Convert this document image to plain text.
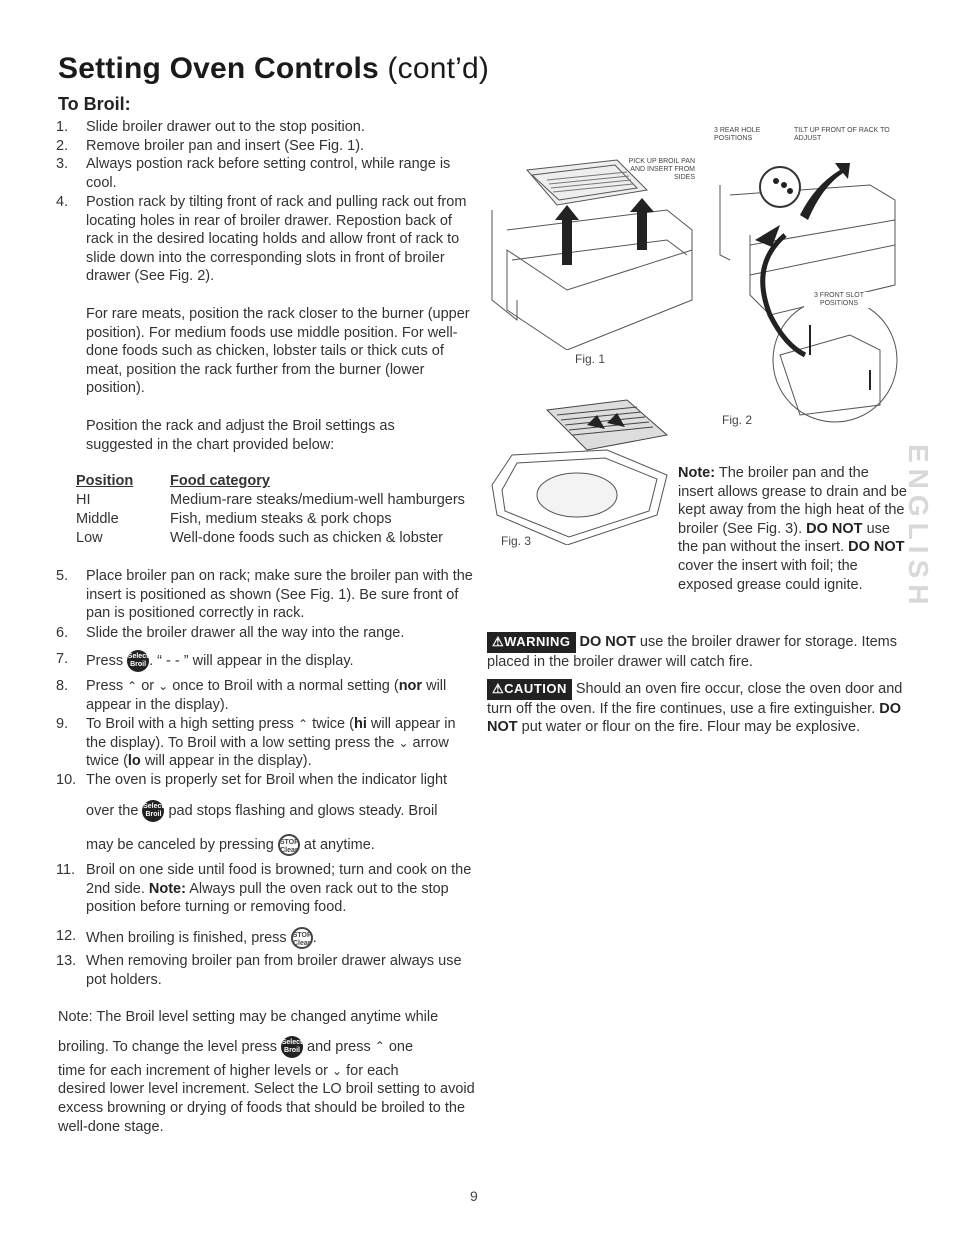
Setting Oven Controls (cont’d)
To Broil:
1.	Slide broiler drawer out to the stop position.
2.	Remove broiler pan and insert (See Fig. 1).
3.	Always postion rack before setting control, while range is cool.
4.	Postion rack by tilting front of rack and pulling rack out from locating holes in rear of broiler drawer. Repostion back of rack in the desired locating holds and allow front of rack to slide down into the corresponding slots in front of broiler drawer (See Fig. 2).
For rare meats, position the rack closer to the burner (upper position). For medium foods use middle position. For well-done foods such as chicken, lobster tails or thick cuts of meat, position the rack further from the burner (lower position).
Position the rack and adjust the Broil settings as suggested in the chart provided below:
Position	Food category
HI	Medium-rare steaks/medium-well hamburgers
Middle	Fish, medium steaks & pork chops
Low	Well-done foods such as chicken & lobster
5.	Place broiler pan on rack; make sure the broiler pan with the insert is positioned as shown (See Fig. 1). Be sure front of pan is positioned correctly in rack.
6.	Slide the broiler drawer all the way into the range.
7.	Press Select
Broil . “ - - ” will appear in the display.
8.	Press ⌃ or ⌄ once to Broil with a normal setting (nor will appear in the display).
9.	To Broil with a high setting press ⌃ twice (hi will appear in the display). To Broil with a low setting press the ⌄ arrow twice (lo will appear in the display).
10. The oven is properly set for Broil when the indicator light
over the Select
Broil pad stops flashing and glows steady. Broil
may be canceled by pressing STOP
Clear at anytime.
11. Broil on one side until food is browned; turn and cook on the 2nd side. Note: Always pull the oven rack out to the stop position before turning or removing food.
12. When broiling is finished, press STOP
Clear .
13. When removing broiler pan from broiler drawer always use pot holders.
Note: The Broil level setting may be changed anytime while
broiling. To change the level press Select
Broil and press ⌃ one
time for each increment of higher levels or ⌄ for each
desired lower level increment. Select the LO broil setting to avoid excess browning or drying of foods that should be broiled to the well-done stage.
Fig. 1
PICK UP BROIL PAN AND INSERT FROM SIDES
3 REAR HOLE POSITIONS
TILT UP FRONT OF RACK TO ADJUST
3 FRONT SLOT POSITIONS
Fig. 2
Fig. 3
Note: The broiler pan and the insert allows grease to drain and be kept away from the high heat of the broiler (See Fig. 3). DO NOT use the pan without the insert. DO NOT cover the insert with foil; the exposed grease could ignite.
⚠WARNING DO NOT use the broiler drawer for storage. Items placed in the broiler drawer will catch fire.
⚠CAUTION Should an oven fire occur, close the oven door and turn off the oven. If the fire continues, use a fire extinguisher. DO NOT put water or flour on the fire. Flour may be explosive.
ENGLISH
9
